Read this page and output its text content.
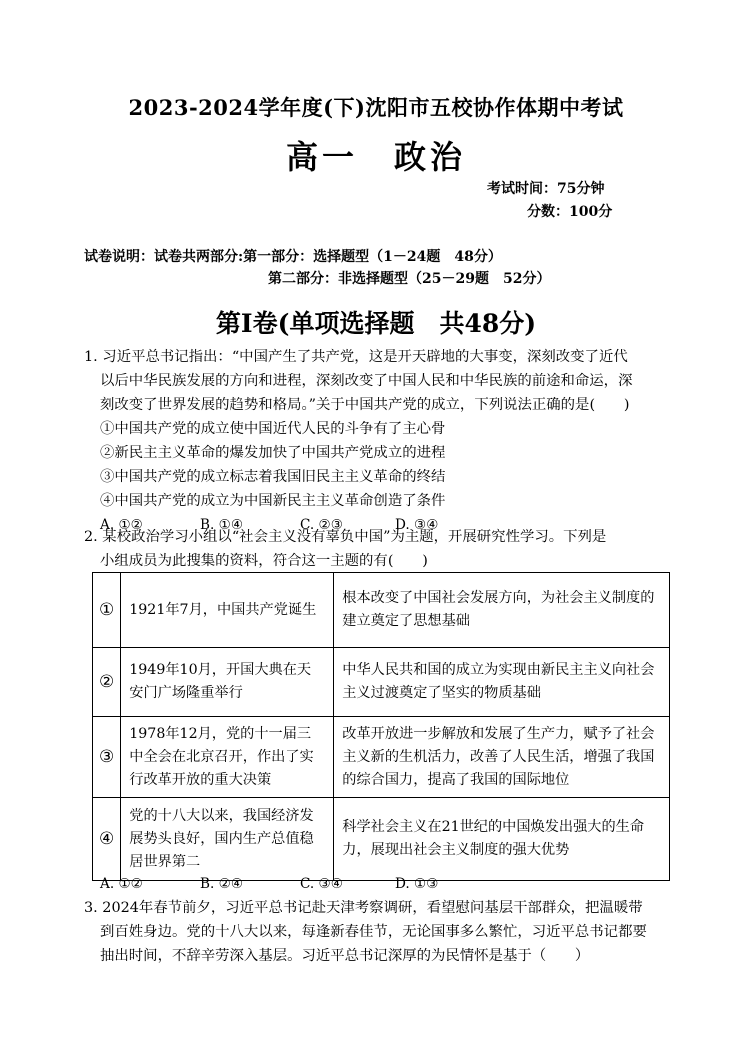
2023-2024学年度(下)沈阳市五校协作体期中考试
高一　政治
考试时间：75分钟
分数：100分
试卷说明：试卷共两部分:第一部分：选择题型（1－24题　48分）
第二部分：非选择题型（25－29题　52分）
第Ⅰ卷(单项选择题　共48分)
1. 习近平总书记指出：“中国产生了共产党，这是开天辟地的大事变，深刻改变了近代
以后中华民族发展的方向和进程，深刻改变了中国人民和中华民族的前途和命运，深
刻改变了世界发展的趋势和格局。”关于中国共产党的成立，下列说法正确的是(　　)
①中国共产党的成立使中国近代人民的斗争有了主心骨
②新民主主义革命的爆发加快了中国共产党成立的进程
③中国共产党的成立标志着我国旧民主主义革命的终结
④中国共产党的成立为中国新民主主义革命创造了条件
A. ①②	B. ①④	C. ②③	D. ③④
2. 某校政治学习小组以“社会主义没有辜负中国”为主题，开展研究性学习。下列是
小组成员为此搜集的资料，符合这一主题的有(　　)
①	1921年7月，中国共产党诞生	根本改变了中国社会发展方向，为社会主义制度的建立奠定了思想基础
②	1949年10月，开国大典在天安门广场隆重举行	中华人民共和国的成立为实现由新民主主义向社会主义过渡奠定了坚实的物质基础
③	1978年12月，党的十一届三中全会在北京召开，作出了实行改革开放的重大决策	改革开放进一步解放和发展了生产力，赋予了社会主义新的生机活力，改善了人民生活，增强了我国的综合国力，提高了我国的国际地位
④	党的十八大以来，我国经济发展势头良好，国内生产总值稳居世界第二	科学社会主义在21世纪的中国焕发出强大的生命力，展现出社会主义制度的强大优势
A. ①②	B. ②④	C. ③④	D. ①③
3. 2024年春节前夕，习近平总书记赴天津考察调研，看望慰问基层干部群众，把温暖带
到百姓身边。党的十八大以来，每逢新春佳节，无论国事多么繁忙，习近平总书记都要
抽出时间，不辞辛劳深入基层。习近平总书记深厚的为民情怀是基于（　　）
